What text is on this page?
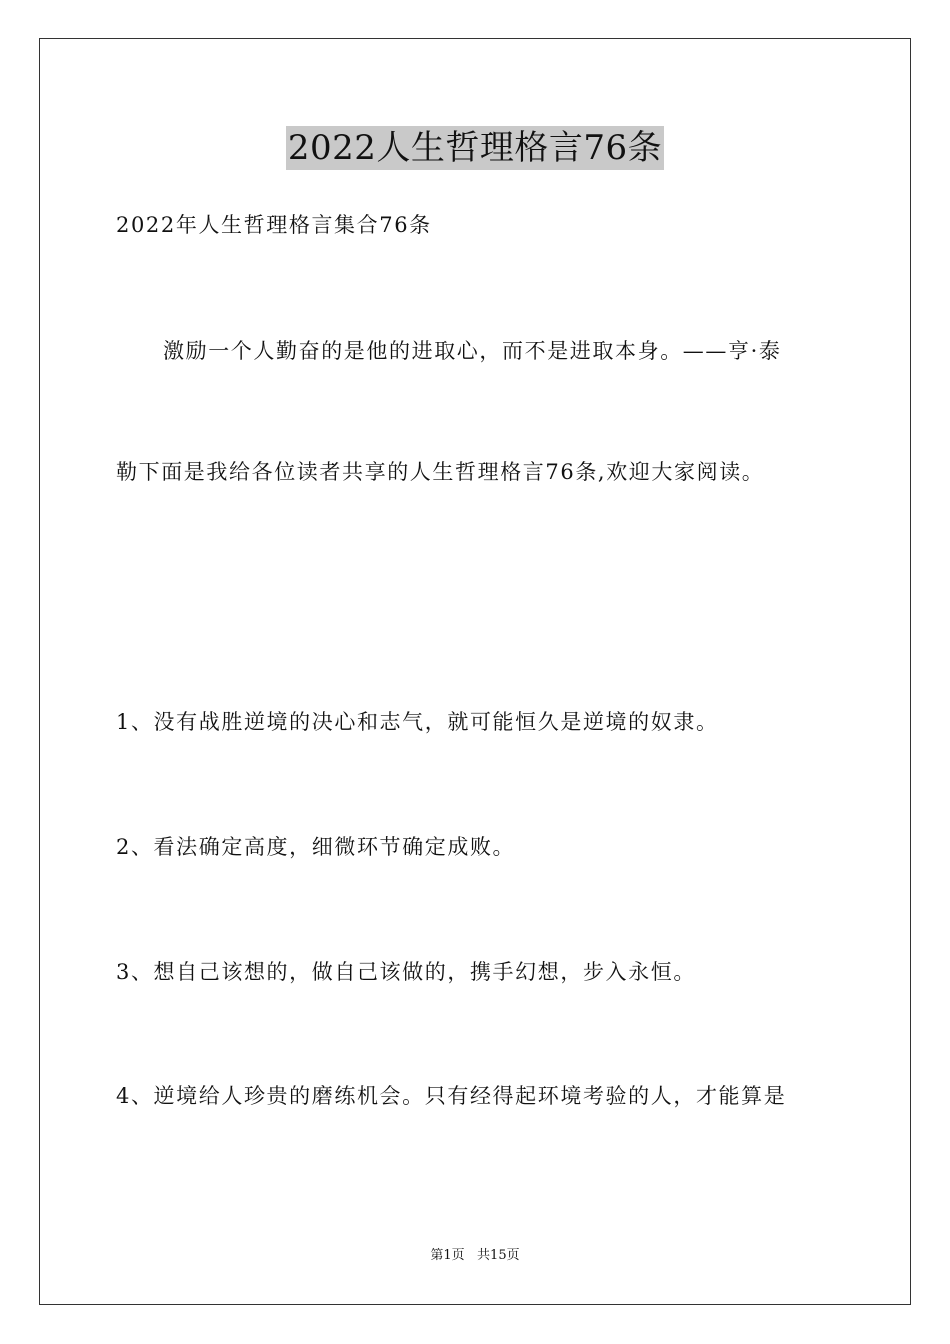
2022人生哲理格言76条
2022年人生哲理格言集合76条
激励一个人勤奋的是他的进取心，而不是进取本身。——亨·泰
勒下面是我给各位读者共享的人生哲理格言76条,欢迎大家阅读。
1、没有战胜逆境的决心和志气，就可能恒久是逆境的奴隶。
2、看法确定高度，细微环节确定成败。
3、想自己该想的，做自己该做的，携手幻想，步入永恒。
4、逆境给人珍贵的磨练机会。只有经得起环境考验的人，才能算是
第1页   共15页
